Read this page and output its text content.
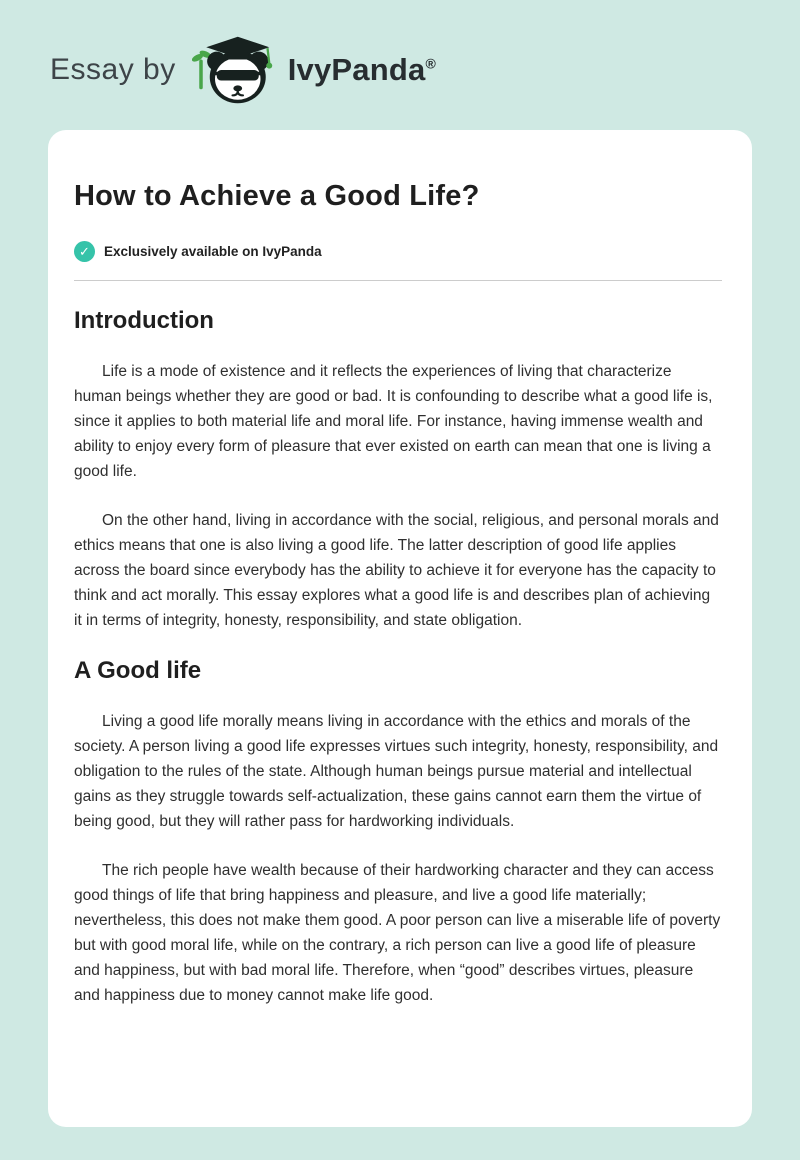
Essay by	IvyPanda®
How to Achieve a Good Life?
✓	Exclusively available on IvyPanda
Introduction

Life is a mode of existence and it reflects the experiences of living that characterize human beings whether they are good or bad. It is confounding to describe what a good life is, since it applies to both material life and moral life. For instance, having immense wealth and ability to enjoy every form of pleasure that ever existed on earth can mean that one is living a good life.

On the other hand, living in accordance with the social, religious, and personal morals and ethics means that one is also living a good life. The latter description of good life applies across the board since everybody has the ability to achieve it for everyone has the capacity to think and act morally. This essay explores what a good life is and describes plan of achieving it in terms of integrity, honesty, responsibility, and state obligation.

A Good life

Living a good life morally means living in accordance with the ethics and morals of the society. A person living a good life expresses virtues such integrity, honesty, responsibility, and obligation to the rules of the state. Although human beings pursue material and intellectual gains as they struggle towards self-actualization, these gains cannot earn them the virtue of being good, but they will rather pass for hardworking individuals.

The rich people have wealth because of their hardworking character and they can access good things of life that bring happiness and pleasure, and live a good life materially; nevertheless, this does not make them good. A poor person can live a miserable life of poverty but with good moral life, while on the contrary, a rich person can live a good life of pleasure and happiness, but with bad moral life. Therefore, when “good” describes virtues, pleasure and happiness due to money cannot make life good.
